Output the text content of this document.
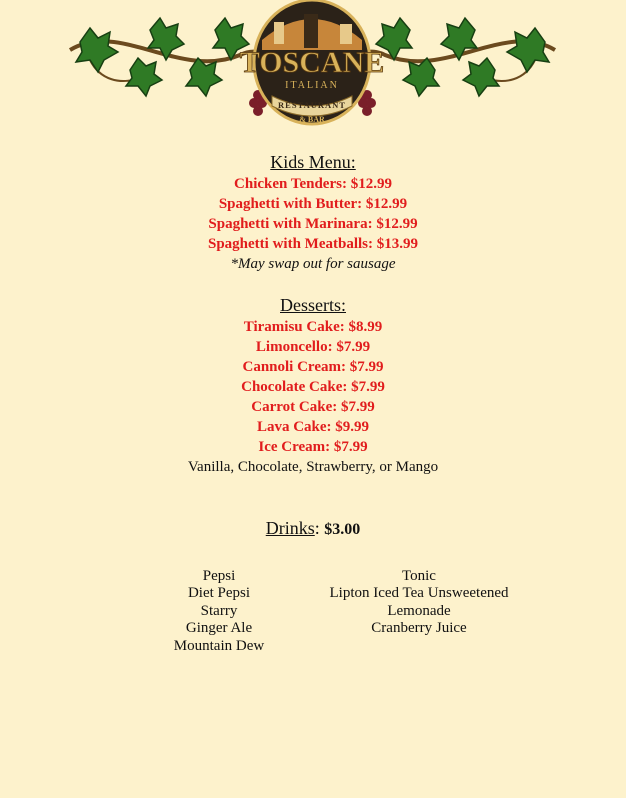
TOSCANE
ITALIAN
RESTAURANT
& BAR
Kids Menu:
Chicken Tenders: $12.99
Spaghetti with Butter: $12.99
Spaghetti with Marinara: $12.99
Spaghetti with Meatballs: $13.99
*May swap out for sausage
Desserts:
Tiramisu Cake: $8.99
Limoncello: $7.99
Cannoli Cream: $7.99
Chocolate Cake: $7.99
Carrot Cake: $7.99
Lava Cake: $9.99
Ice Cream: $7.99
Vanilla, Chocolate, Strawberry, or Mango
Drinks: $3.00
Pepsi
Diet Pepsi
Starry
Ginger Ale
Mountain Dew
Tonic
Lipton Iced Tea Unsweetened
Lemonade
Cranberry Juice
